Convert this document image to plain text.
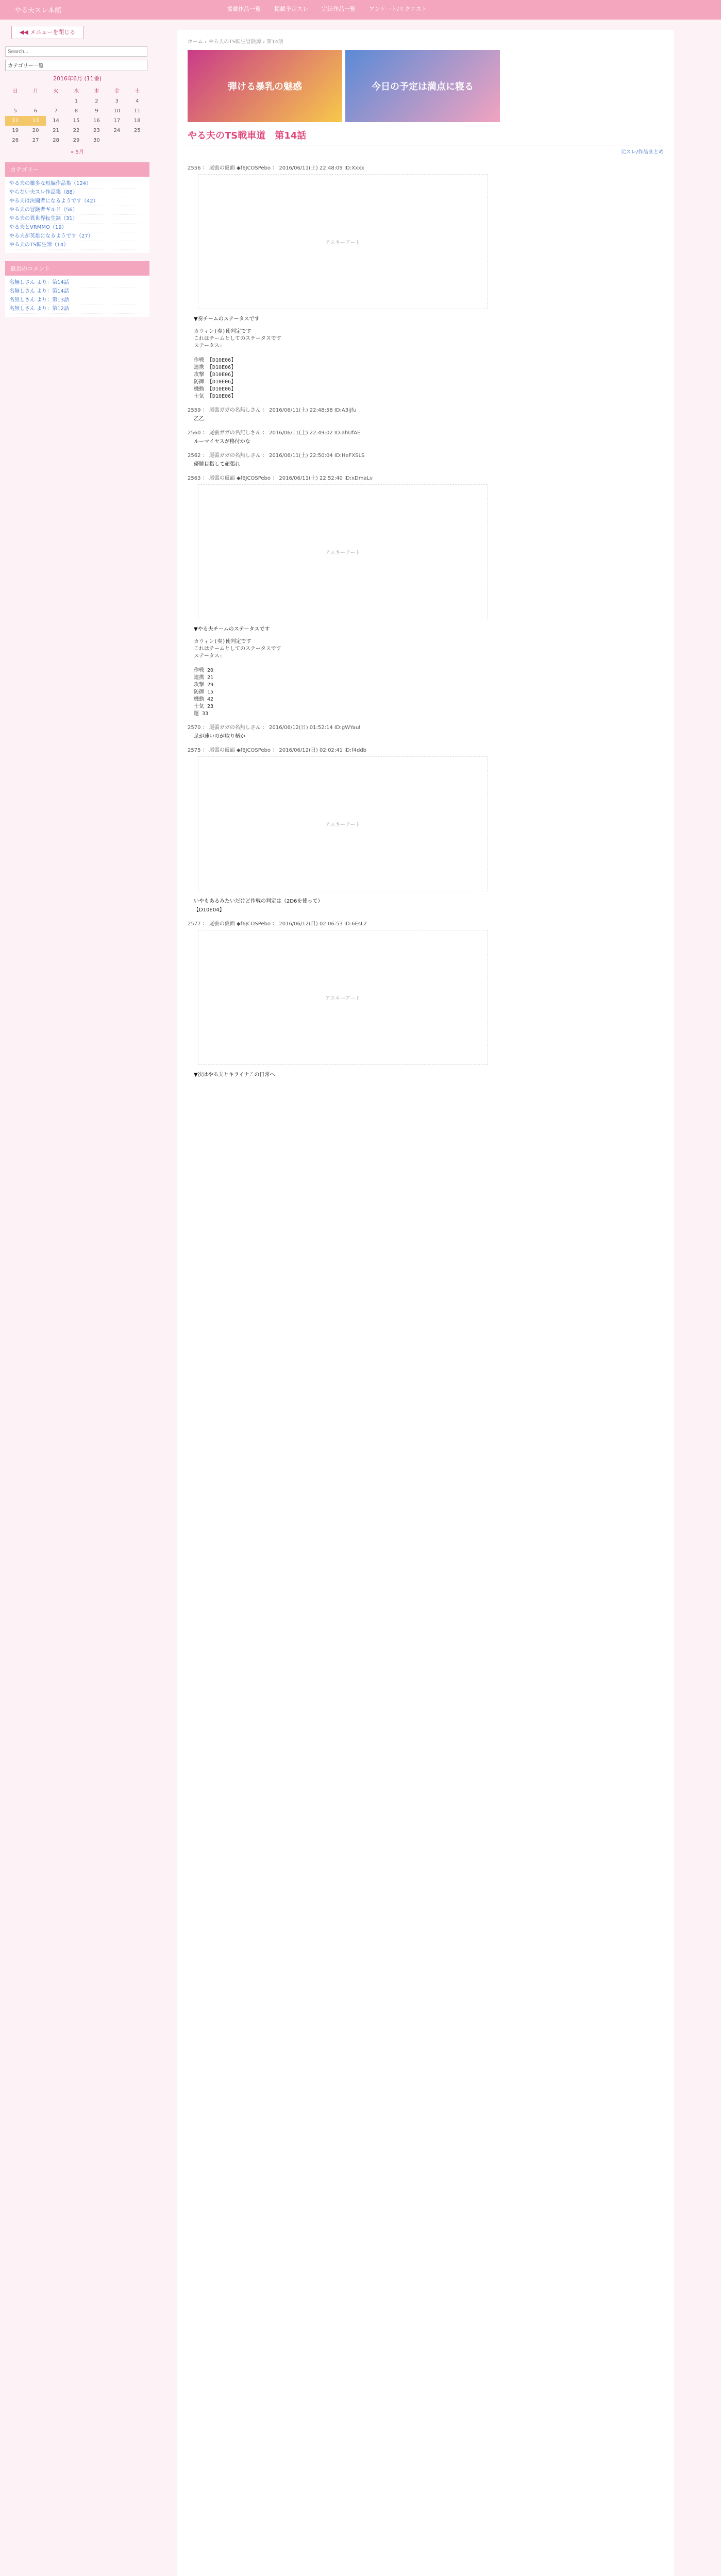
やる夫スレ本館	掲載作品一覧 掲載予定スレ 完結作品一覧 アンケート/リクエスト
◀◀ メニューを閉じる
Search...
カテゴリー一覧
2016年6月 (11番)
日	月	火	水	木	金	土
			1	2	3	4
5	6	7	8	9	10	11
12	13	14	15	16	17	18
19	20	21	22	23	24	25
26	27	28	29	30		
« 5月
カテゴリー
やる夫の雑多な短編作品集（124）
やらない夫スレ作品集（88）
やる夫は決闘者になるようです（42）
やる夫の冒険者ギルド（56）
やる夫の異世界転生録（31）
やる夫とVRMMO（19）
やる夫が英雄になるようです（27）
やる夫のTS転生譚（14）
最近のコメント
名無しさん より：第14話
名無しさん より：第14話
名無しさん より：第13話
名無しさん より：第12話
ホーム › やる夫のTS転生冒険譚 › 第14話
弾ける暴乳の魅惑	今日の予定は満点に寝る
やる夫のTS戦車道　第14話
元スレ/作品まとめ
2556 ： 尾張の仮面 ◆f6JCOSPebo ： 2016/06/11(土) 22:48:09 ID:Xxxx
アスキーアート
▼奏チームのステータスです
カウィン(奏)使判定です
これはチームとしてのステータスです
ステータス:

作戦 【D10E06】
連携 【D10E06】
攻撃 【D10E06】
防御 【D10E06】
機動 【D10E06】
士気 【D10E06】
2559 ： 尾張ガガの名無しさん ： 2016/06/11(土) 22:48:58 ID:A3ijfu
乙乙
2560 ： 尾張ガガの名無しさん ： 2016/06/11(土) 22:49:02 ID:ahUfAE
ルーマイヤスが格付かな
2562 ： 尾張ガガの名無しさん ： 2016/06/11(土) 22:50:04 ID:HeFXSLS
優勝目指して頑張れ
2563 ： 尾張の仮面 ◆f6JCOSPebo ： 2016/06/11(土) 22:52:40 ID:xDmaLv
アスキーアート
▼やる夫チームのステータスです
カウィン(奏)使判定です
これはチームとしてのステータスです
ステータス:

作戦 20
連携 21
攻撃 29
防御 15
機動 42
士気 23
運 33
2570 ： 尾張ガガの名無しさん ： 2016/06/12(日) 01:52:14 ID:gWYaul
足が速いのが取り柄か
2575 ： 尾張の仮面 ◆f6JCOSPebo ： 2016/06/12(日) 02:02:41 ID:f4ddb
アスキーアート
いやもあるみたいだけど作戦の判定は（2D6を使って）
【D10E04】
2577 ： 尾張の仮面 ◆f6JCOSPebo ： 2016/06/12(日) 02:06:53 ID:6EsL2
アスキーアート
▼次はやる夫とキライナこの日常へ
